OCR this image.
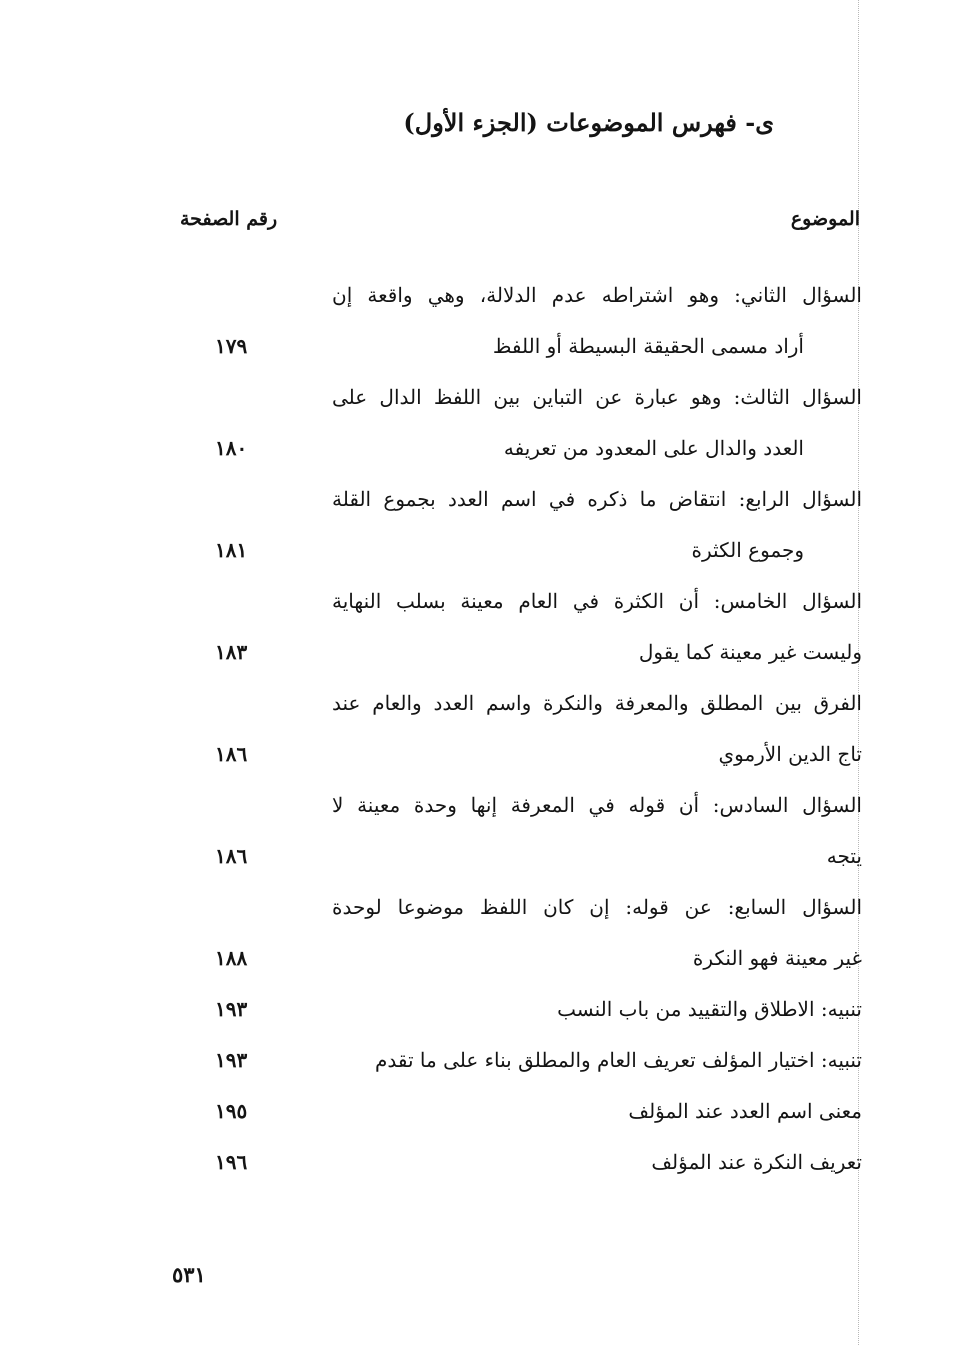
ى- فهرس الموضوعات (الجزء الأول)
الموضوع
رقم الصفحة
السؤال الثاني: وهو اشتراطه عدم الدلالة، وهي واقعة إن
أراد مسمى الحقيقة البسيطة أو اللفظ
١٧٩
السؤال الثالث: وهو عبارة عن التباين بين اللفظ الدال على
العدد والدال على المعدود من تعريفه
١٨٠
السؤال الرابع: انتقاض ما ذكره في اسم العدد بجموع القلة
وجموع الكثرة
١٨١
السؤال الخامس: أن الكثرة في العام معينة بسلب النهاية
وليست غير معينة كما يقول
١٨٣
الفرق بين المطلق والمعرفة والنكرة واسم العدد والعام عند
تاج الدين الأرموي
١٨٦
السؤال السادس: أن قوله في المعرفة إنها وحدة معينة لا
يتجه
١٨٦
السؤال السابع: عن قوله: إن كان اللفظ موضوعا لوحدة
غير معينة فهو النكرة
١٨٨
تنبيه: الاطلاق والتقييد من باب النسب
١٩٣
تنبيه: اختيار المؤلف تعريف العام والمطلق بناء على ما تقدم
١٩٣
معنى اسم العدد عند المؤلف
١٩٥
تعريف النكرة عند المؤلف
١٩٦
٥٣١
